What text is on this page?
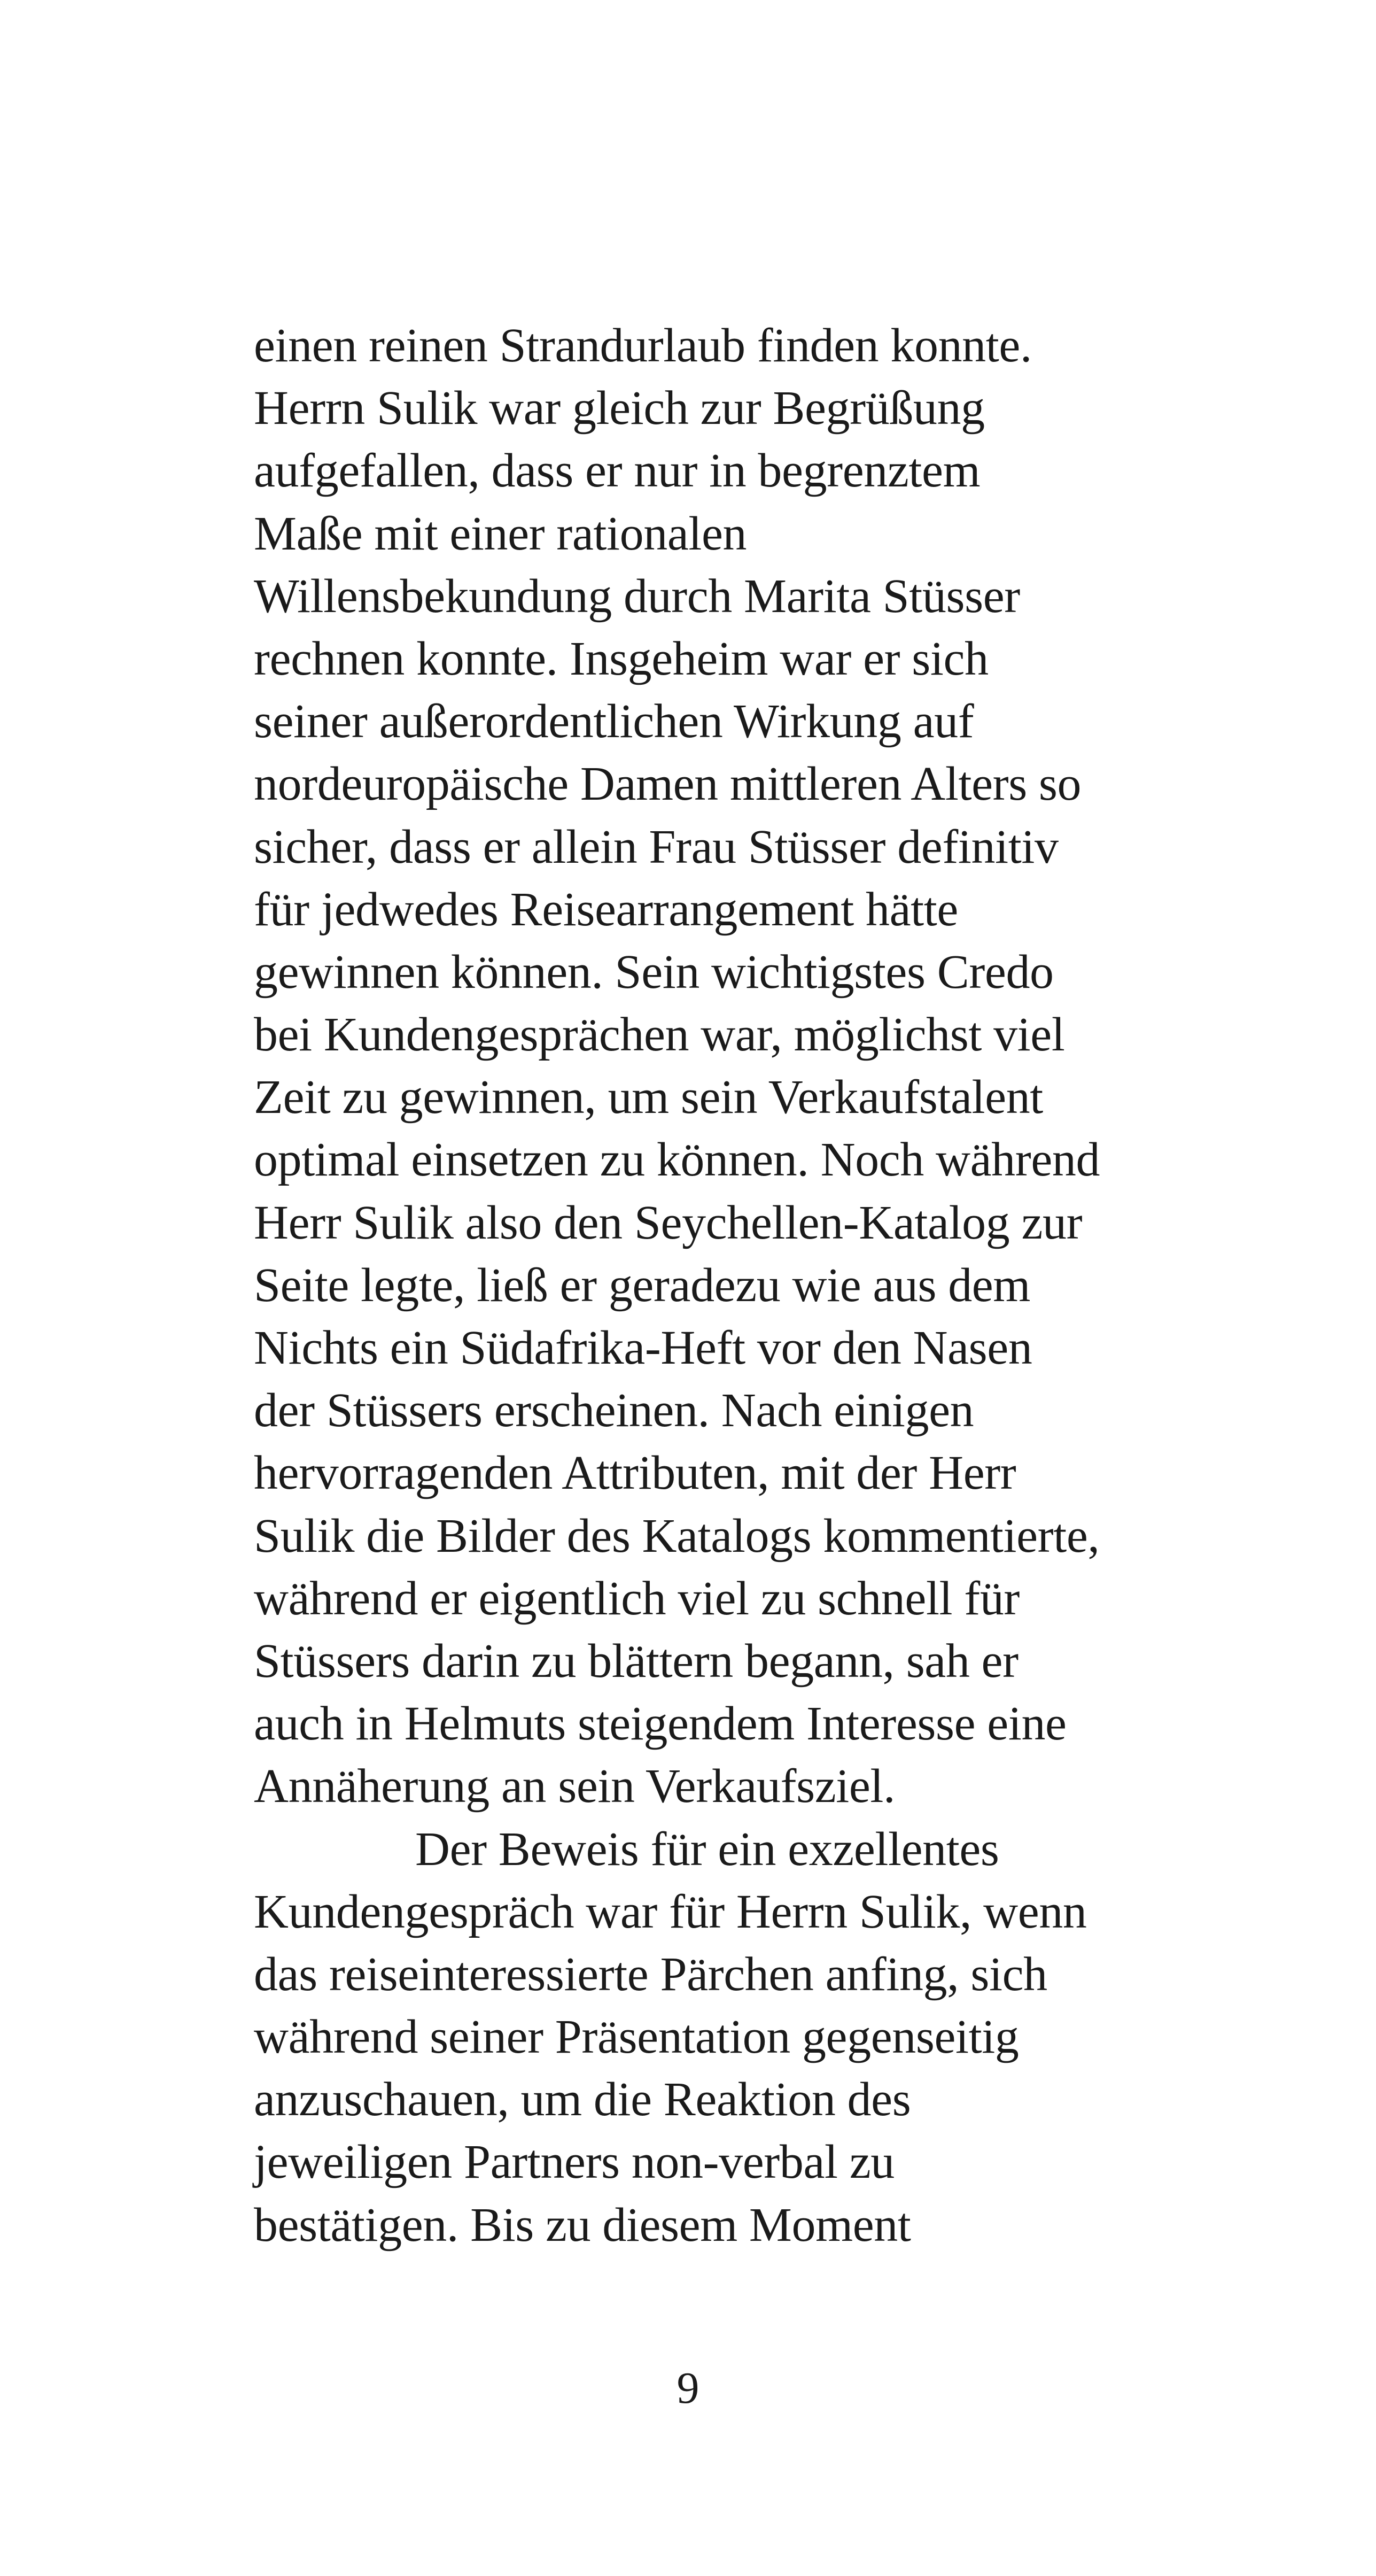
einen reinen Strandurlaub finden konnte.
Herrn Sulik war gleich zur Begrüßung
aufgefallen, dass er nur in begrenztem
Maße mit einer rationalen
Willensbekundung durch Marita Stüsser
rechnen konnte. Insgeheim war er sich
seiner außerordentlichen Wirkung auf
nordeuropäische Damen mittleren Alters so
sicher, dass er allein Frau Stüsser definitiv
für jedwedes Reisearrangement hätte
gewinnen können. Sein wichtigstes Credo
bei Kundengesprächen war, möglichst viel
Zeit zu gewinnen, um sein Verkaufstalent
optimal einsetzen zu können. Noch während
Herr Sulik also den Seychellen-Katalog zur
Seite legte, ließ er geradezu wie aus dem
Nichts ein Südafrika-Heft vor den Nasen
der Stüssers erscheinen. Nach einigen
hervorragenden Attributen, mit der Herr
Sulik die Bilder des Katalogs kommentierte,
während er eigentlich viel zu schnell für
Stüssers darin zu blättern begann, sah er
auch in Helmuts steigendem Interesse eine
Annäherung an sein Verkaufsziel.
Der Beweis für ein exzellentes
Kundengespräch war für Herrn Sulik, wenn
das reiseinteressierte Pärchen anfing, sich
während seiner Präsentation gegenseitig
anzuschauen, um die Reaktion des
jeweiligen Partners non-verbal zu
bestätigen. Bis zu diesem Moment
9
